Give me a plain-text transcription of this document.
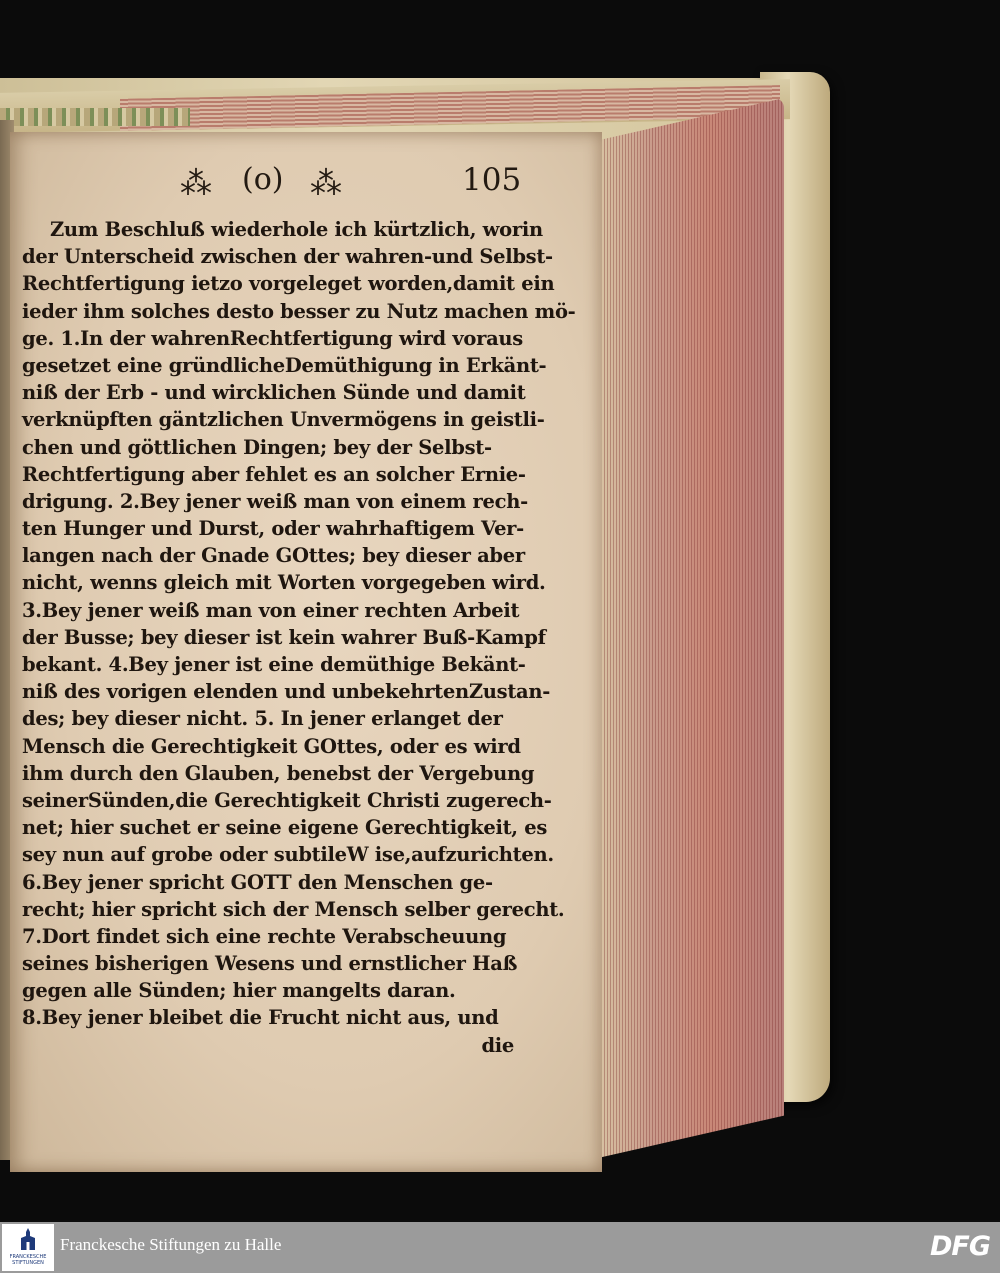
⁂ (o) ⁂	105
Zum Beschluß wiederhole ich kürtzlich, worin
der Unterscheid zwischen der wahren-und Selbst-
Rechtfertigung ietzo vorgeleget worden,damit ein
ieder ihm solches desto besser zu Nutz machen mö-
ge. 1.In der wahrenRechtfertigung wird voraus
gesetzet eine gründlicheDemüthigung in Erkänt-
niß der Erb - und wircklichen Sünde und damit
verknüpften gäntzlichen Unvermögens in geistli-
chen und göttlichen Dingen; bey der Selbst-
Rechtfertigung aber fehlet es an solcher Ernie-
drigung. 2.Bey jener weiß man von einem rech-
ten Hunger und Durst, oder wahrhaftigem Ver-
langen nach der Gnade GOttes; bey dieser aber
nicht, wenns gleich mit Worten vorgegeben wird.
3.Bey jener weiß man von einer rechten Arbeit
der Busse; bey dieser ist kein wahrer Buß-Kampf
bekant. 4.Bey jener ist eine demüthige Bekänt-
niß des vorigen elenden und unbekehrtenZustan-
des; bey dieser nicht. 5. In jener erlanget der
Mensch die Gerechtigkeit GOttes, oder es wird
ihm durch den Glauben, benebst der Vergebung
seinerSünden,die Gerechtigkeit Christi zugerech-
net; hier suchet er seine eigene Gerechtigkeit, es
sey nun auf grobe oder subtileW ise,aufzurichten.
6.Bey jener spricht GOTT den Menschen ge-
recht; hier spricht sich der Mensch selber gerecht.
7.Dort findet sich eine rechte Verabscheuung
seines bisherigen Wesens und ernstlicher Haß
gegen alle Sünden; hier mangelts daran.
8.Bey jener bleibet die Frucht nicht aus, und
die
FRANCKESCHE
STIFTUNGEN
Franckesche Stiftungen zu Halle	DFG
